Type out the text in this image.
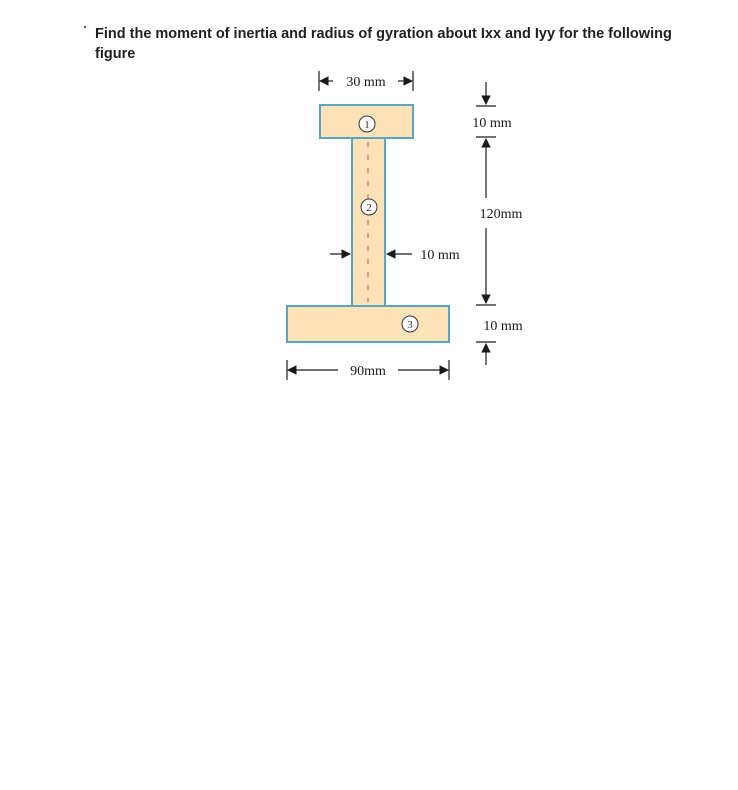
Find the moment of inertia and radius of gyration about Ixx and Iyy for the following figure
1
2
3
30 mm
10 mm
120mm
10 mm
10 mm
90mm
